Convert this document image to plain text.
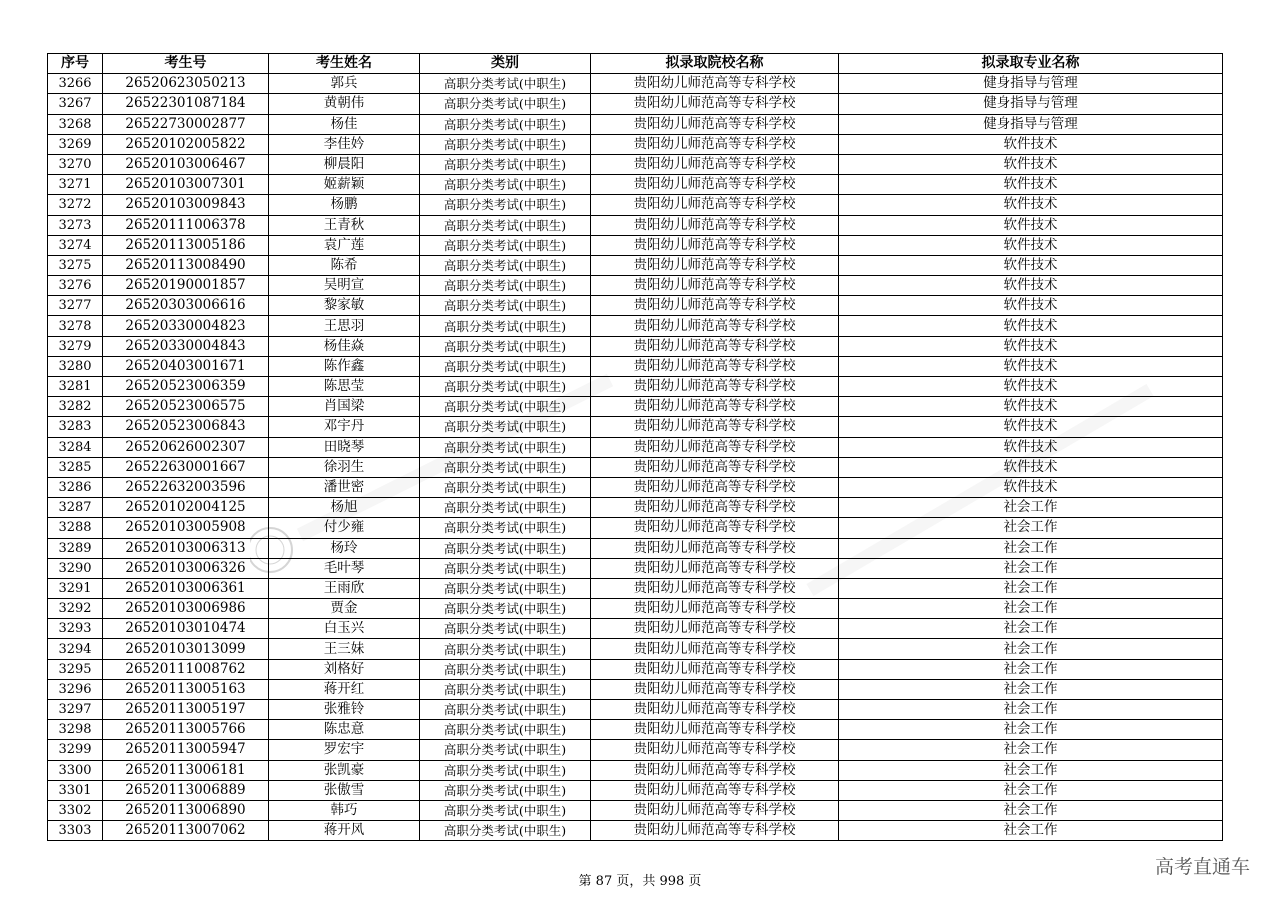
序号	考生号	考生姓名	类别	拟录取院校名称	拟录取专业名称
3266	26520623050213	郭兵	高职分类考试(中职生)	贵阳幼儿师范高等专科学校	健身指导与管理
3267	26522301087184	黄朝伟	高职分类考试(中职生)	贵阳幼儿师范高等专科学校	健身指导与管理
3268	26522730002877	杨佳	高职分类考试(中职生)	贵阳幼儿师范高等专科学校	健身指导与管理
3269	26520102005822	李佳妗	高职分类考试(中职生)	贵阳幼儿师范高等专科学校	软件技术
3270	26520103006467	柳晨阳	高职分类考试(中职生)	贵阳幼儿师范高等专科学校	软件技术
3271	26520103007301	姬薪颖	高职分类考试(中职生)	贵阳幼儿师范高等专科学校	软件技术
3272	26520103009843	杨鹏	高职分类考试(中职生)	贵阳幼儿师范高等专科学校	软件技术
3273	26520111006378	王青秋	高职分类考试(中职生)	贵阳幼儿师范高等专科学校	软件技术
3274	26520113005186	袁广莲	高职分类考试(中职生)	贵阳幼儿师范高等专科学校	软件技术
3275	26520113008490	陈希	高职分类考试(中职生)	贵阳幼儿师范高等专科学校	软件技术
3276	26520190001857	吴明宣	高职分类考试(中职生)	贵阳幼儿师范高等专科学校	软件技术
3277	26520303006616	黎家敏	高职分类考试(中职生)	贵阳幼儿师范高等专科学校	软件技术
3278	26520330004823	王思羽	高职分类考试(中职生)	贵阳幼儿师范高等专科学校	软件技术
3279	26520330004843	杨佳焱	高职分类考试(中职生)	贵阳幼儿师范高等专科学校	软件技术
3280	26520403001671	陈作鑫	高职分类考试(中职生)	贵阳幼儿师范高等专科学校	软件技术
3281	26520523006359	陈思莹	高职分类考试(中职生)	贵阳幼儿师范高等专科学校	软件技术
3282	26520523006575	肖国梁	高职分类考试(中职生)	贵阳幼儿师范高等专科学校	软件技术
3283	26520523006843	邓宇丹	高职分类考试(中职生)	贵阳幼儿师范高等专科学校	软件技术
3284	26520626002307	田晓琴	高职分类考试(中职生)	贵阳幼儿师范高等专科学校	软件技术
3285	26522630001667	徐羽生	高职分类考试(中职生)	贵阳幼儿师范高等专科学校	软件技术
3286	26522632003596	潘世密	高职分类考试(中职生)	贵阳幼儿师范高等专科学校	软件技术
3287	26520102004125	杨旭	高职分类考试(中职生)	贵阳幼儿师范高等专科学校	社会工作
3288	26520103005908	付少雍	高职分类考试(中职生)	贵阳幼儿师范高等专科学校	社会工作
3289	26520103006313	杨玲	高职分类考试(中职生)	贵阳幼儿师范高等专科学校	社会工作
3290	26520103006326	毛叶琴	高职分类考试(中职生)	贵阳幼儿师范高等专科学校	社会工作
3291	26520103006361	王雨欣	高职分类考试(中职生)	贵阳幼儿师范高等专科学校	社会工作
3292	26520103006986	贾金	高职分类考试(中职生)	贵阳幼儿师范高等专科学校	社会工作
3293	26520103010474	白玉兴	高职分类考试(中职生)	贵阳幼儿师范高等专科学校	社会工作
3294	26520103013099	王三妹	高职分类考试(中职生)	贵阳幼儿师范高等专科学校	社会工作
3295	26520111008762	刘格好	高职分类考试(中职生)	贵阳幼儿师范高等专科学校	社会工作
3296	26520113005163	蒋开红	高职分类考试(中职生)	贵阳幼儿师范高等专科学校	社会工作
3297	26520113005197	张雅铃	高职分类考试(中职生)	贵阳幼儿师范高等专科学校	社会工作
3298	26520113005766	陈忠意	高职分类考试(中职生)	贵阳幼儿师范高等专科学校	社会工作
3299	26520113005947	罗宏宇	高职分类考试(中职生)	贵阳幼儿师范高等专科学校	社会工作
3300	26520113006181	张凯豪	高职分类考试(中职生)	贵阳幼儿师范高等专科学校	社会工作
3301	26520113006889	张傲雪	高职分类考试(中职生)	贵阳幼儿师范高等专科学校	社会工作
3302	26520113006890	韩巧	高职分类考试(中职生)	贵阳幼儿师范高等专科学校	社会工作
3303	26520113007062	蒋开风	高职分类考试(中职生)	贵阳幼儿师范高等专科学校	社会工作
第 87 页，共 998 页
高考直通车
